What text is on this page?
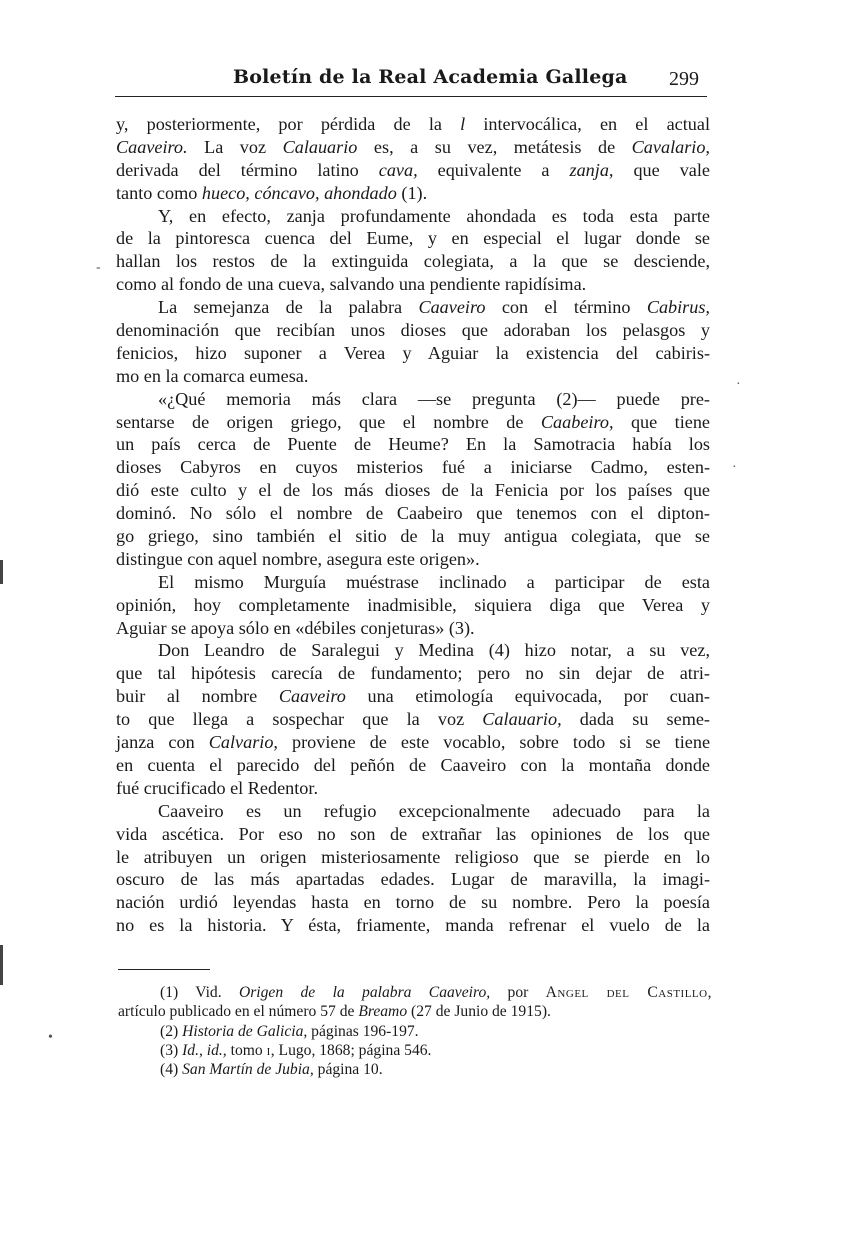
Boletín de la Real Academia Gallega 299
y, posteriormente, por pérdida de la l intervocálica, en el actual
Caaveiro. La voz Calauario es, a su vez, metátesis de Cavalario,
derivada del término latino cava, equivalente a zanja, que vale
tanto como hueco, cóncavo, ahondado (1).
Y, en efecto, zanja profundamente ahondada es toda esta parte
de la pintoresca cuenca del Eume, y en especial el lugar donde se
hallan los restos de la extinguida colegiata, a la que se desciende,
como al fondo de una cueva, salvando una pendiente rapidísima.
La semejanza de la palabra Caaveiro con el término Cabirus,
denominación que recibían unos dioses que adoraban los pelasgos y
fenicios, hizo suponer a Verea y Aguiar la existencia del cabiris-
mo en la comarca eumesa.
«¿Qué memoria más clara —se pregunta (2)— puede pre-
sentarse de origen griego, que el nombre de Caabeiro, que tiene
un país cerca de Puente de Heume? En la Samotracia había los
dioses Cabyros en cuyos misterios fué a iniciarse Cadmo, esten-
dió este culto y el de los más dioses de la Fenicia por los países que
dominó. No sólo el nombre de Caabeiro que tenemos con el dipton-
go griego, sino también el sitio de la muy antigua colegiata, que se
distingue con aquel nombre, asegura este origen».
El mismo Murguía muéstrase inclinado a participar de esta
opinión, hoy completamente inadmisible, siquiera diga que Verea y
Aguiar se apoya sólo en «débiles conjeturas» (3).
Don Leandro de Saralegui y Medina (4) hizo notar, a su vez,
que tal hipótesis carecía de fundamento; pero no sin dejar de atri-
buir al nombre Caaveiro una etimología equivocada, por cuan-
to que llega a sospechar que la voz Calauario, dada su seme-
janza con Calvario, proviene de este vocablo, sobre todo si se tiene
en cuenta el parecido del peñón de Caaveiro con la montaña donde
fué crucificado el Redentor.
Caaveiro es un refugio excepcionalmente adecuado para la
vida ascética. Por eso no son de extrañar las opiniones de los que
le atribuyen un origen misteriosamente religioso que se pierde en lo
oscuro de las más apartadas edades. Lugar de maravilla, la imagi-
nación urdió leyendas hasta en torno de su nombre. Pero la poesía
no es la historia. Y ésta, friamente, manda refrenar el vuelo de la
(1) Vid. Origen de la palabra Caaveiro, por Angel del Castillo,
artículo publicado en el número 57 de Breamo (27 de Junio de 1915).
(2) Historia de Galicia, páginas 196-197.
(3) Id., id., tomo i, Lugo, 1868; página 546.
(4) San Martín de Jubia, página 10.
-
·
·
•
